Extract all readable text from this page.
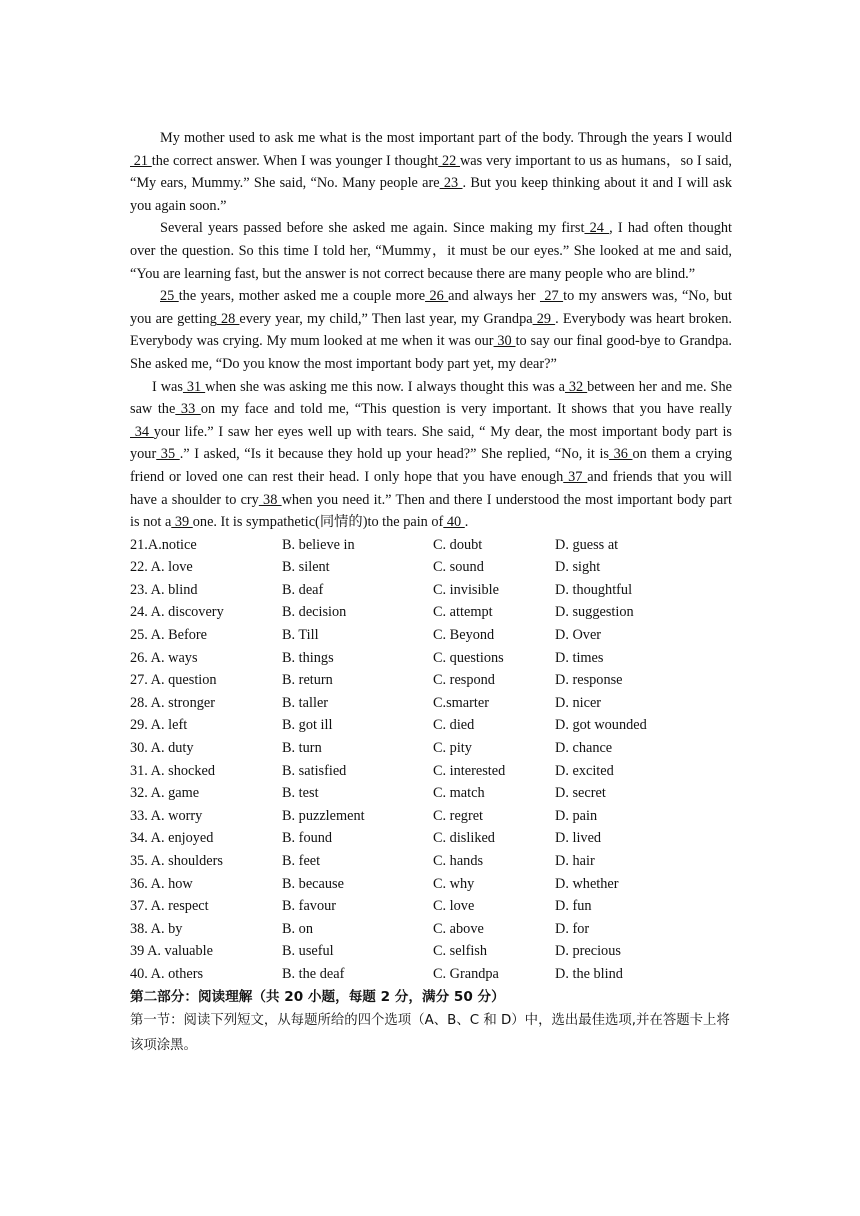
My mother used to ask me what is the most important part of the body. Through the years I would 21 the correct answer. When I was younger I thought 22 was very important to us as humans，so I said, “My ears, Mummy.” She said, “No. Many people are 23 . But you keep thinking about it and I will ask you again soon.”

Several years passed before she asked me again. Since making my first 24 , I had often thought over the question. So this time I told her, “Mummy，it must be our eyes.” She looked at me and said, “You are learning fast, but the answer is not correct because there are many people who are blind.”

25 the years, mother asked me a couple more 26 and always her  27 to my answers was, “No, but you are getting 28 every year, my child,” Then last year, my Grandpa 29 . Everybody was heart broken. Everybody was crying. My mum looked at me when it was our 30 to say our final good-bye to Grandpa. She asked me, “Do you know the most important body part yet, my dear?”

I was 31 when she was asking me this now. I always thought this was a 32 between her and me. She saw the 33 on my face and told me, “This question is very important. It shows that you have really 34 your life.” I saw her eyes well up with tears. She said, “ My dear, the most important body part is your 35 .” I asked, “Is it because they hold up your head?” She replied, “No, it is 36 on them a crying friend or loved one can rest their head. I only hope that you have enough 37 and friends that you will have a shoulder to cry 38 when you need it.” Then and there I understood the most important body part is not a 39 one. It is sympathetic(同情的)to the pain of 40 .

21.A.notice	B. believe in	C. doubt	D. guess at
22. A. love	B. silent	C. sound	D. sight
23. A. blind	B. deaf	C. invisible	D. thoughtful
24. A. discovery	B. decision	C. attempt	D. suggestion
25. A. Before	B. Till	C. Beyond	D. Over
26. A. ways	B. things	C. questions	D. times
27. A. question	B. return	C. respond	D. response
28. A. stronger	B. taller	C.smarter	D. nicer
29. A. left	B. got ill	C. died	D. got wounded
30. A. duty	B. turn	C. pity	D. chance
31. A. shocked	B. satisfied	C. interested	D. excited
32. A. game	B. test	C. match	D. secret
33. A. worry	B. puzzlement	C. regret	D. pain
34. A. enjoyed	B. found	C. disliked	D. lived
35. A. shoulders	B. feet	C. hands	D. hair
36. A. how	B. because	C. why	D. whether
37. A. respect	B. favour	C. love	D. fun
38. A. by	B. on	C. above	D. for
39 A. valuable	B. useful	C. selfish	D. precious
40. A. others	B. the deaf	C. Grandpa	D. the blind

第二部分：阅读理解（共 20 小题，每题 2 分，满分 50 分）

第一节：阅读下列短文，从每题所给的四个选项（A、B、C 和 D）中，选出最佳选项,并在答题卡上将该项涂黑。
